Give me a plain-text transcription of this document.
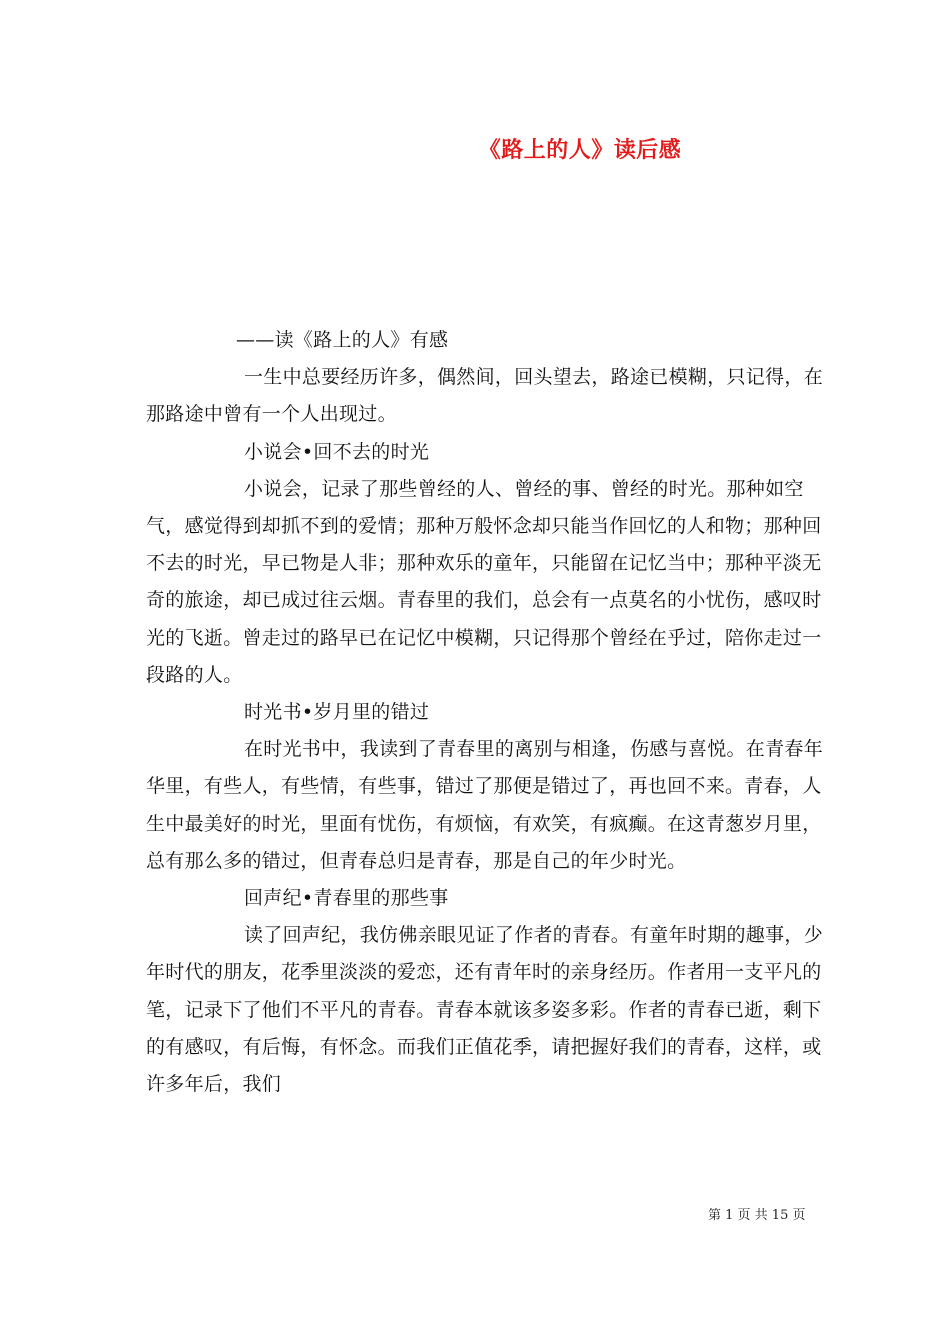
《路上的人》读后感

——读《路上的人》有感

一生中总要经历许多，偶然间，回头望去，路途已模糊，只记得，在那路途中曾有一个人出现过。

小说会•回不去的时光

小说会，记录了那些曾经的人、曾经的事、曾经的时光。那种如空气，感觉得到却抓不到的爱情；那种万般怀念却只能当作回忆的人和物；那种回不去的时光，早已物是人非；那种欢乐的童年，只能留在记忆当中；那种平淡无奇的旅途，却已成过往云烟。青春里的我们，总会有一点莫名的小忧伤，感叹时光的飞逝。曾走过的路早已在记忆中模糊，只记得那个曾经在乎过，陪你走过一段路的人。

时光书•岁月里的错过

在时光书中，我读到了青春里的离别与相逢，伤感与喜悦。在青春年华里，有些人，有些情，有些事，错过了那便是错过了，再也回不来。青春，人生中最美好的时光，里面有忧伤，有烦恼，有欢笑，有疯癫。在这青葱岁月里，总有那么多的错过，但青春总归是青春，那是自己的年少时光。

回声纪•青春里的那些事

读了回声纪，我仿佛亲眼见证了作者的青春。有童年时期的趣事，少年时代的朋友，花季里淡淡的爱恋，还有青年时的亲身经历。作者用一支平凡的笔，记录下了他们不平凡的青春。青春本就该多姿多彩。作者的青春已逝，剩下的有感叹，有后悔，有怀念。而我们正值花季，请把握好我们的青春，这样，或许多年后，我们

第 1 页 共 15 页
